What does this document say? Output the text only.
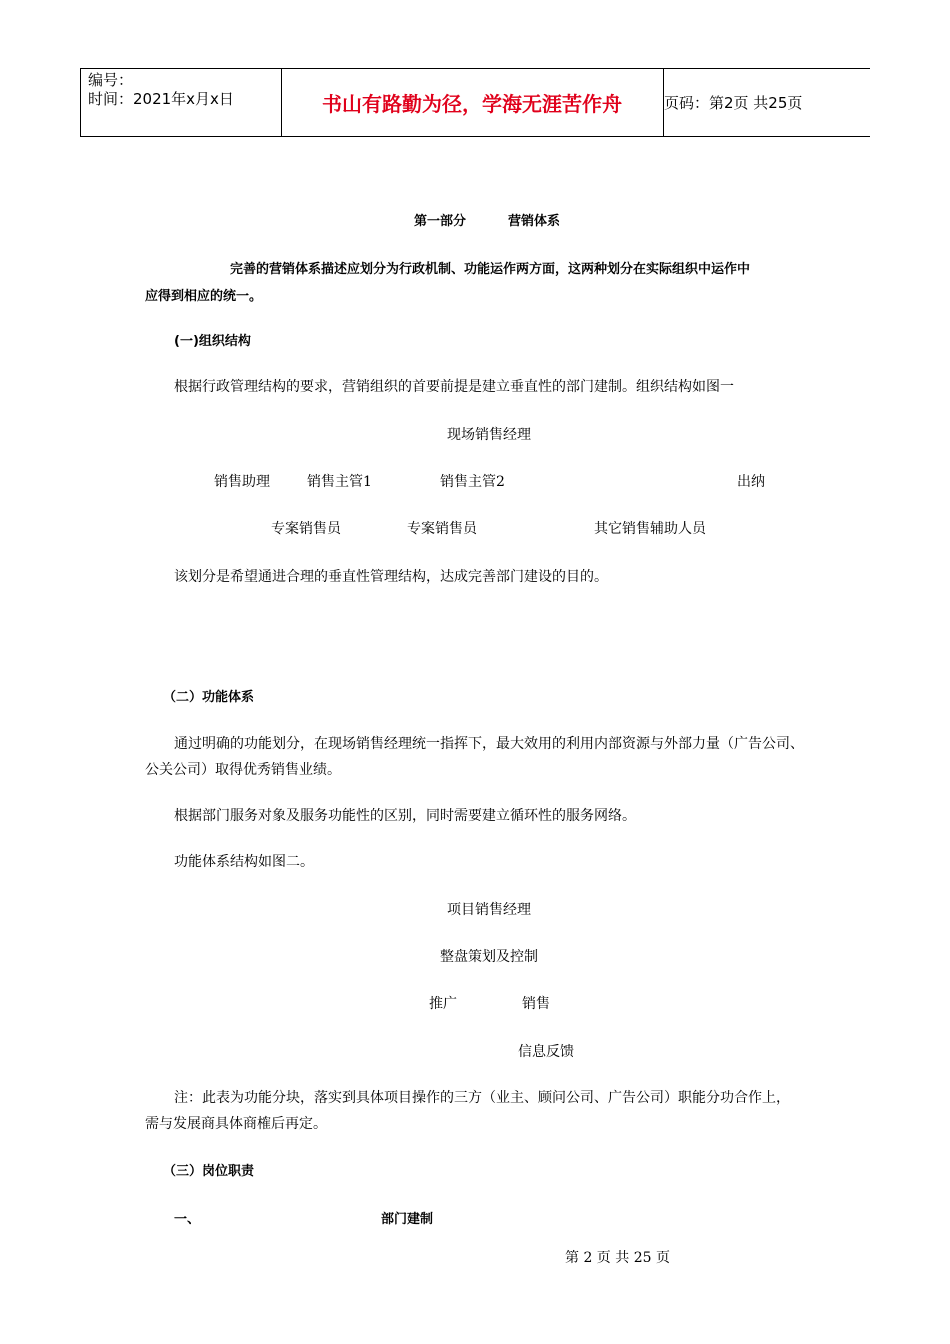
编号：
时间：2021年x月x日	书山有路勤为径，学海无涯苦作舟	页码：第2页 共25页
第一部分	营销体系
完善的营销体系描述应划分为行政机制、功能运作两方面，这两种划分在实际组织中运作中
应得到相应的统一。
(一)组织结构
根据行政管理结构的要求，营销组织的首要前提是建立垂直性的部门建制。组织结构如图一
现场销售经理
销售助理	销售主管1	销售主管2	出纳
专案销售员	专案销售员	其它销售辅助人员
该划分是希望通进合理的垂直性管理结构，达成完善部门建设的目的。
（二）功能体系
通过明确的功能划分，在现场销售经理统一指挥下，最大效用的利用内部资源与外部力量（广告公司、
公关公司）取得优秀销售业绩。
根据部门服务对象及服务功能性的区别，同时需要建立循环性的服务网络。
功能体系结构如图二。
项目销售经理
整盘策划及控制
推广	销售
信息反馈
注：此表为功能分块，落实到具体项目操作的三方（业主、顾问公司、广告公司）职能分功合作上，
需与发展商具体商榷后再定。
（三）岗位职责
一、	部门建制
第 2 页 共 25 页
